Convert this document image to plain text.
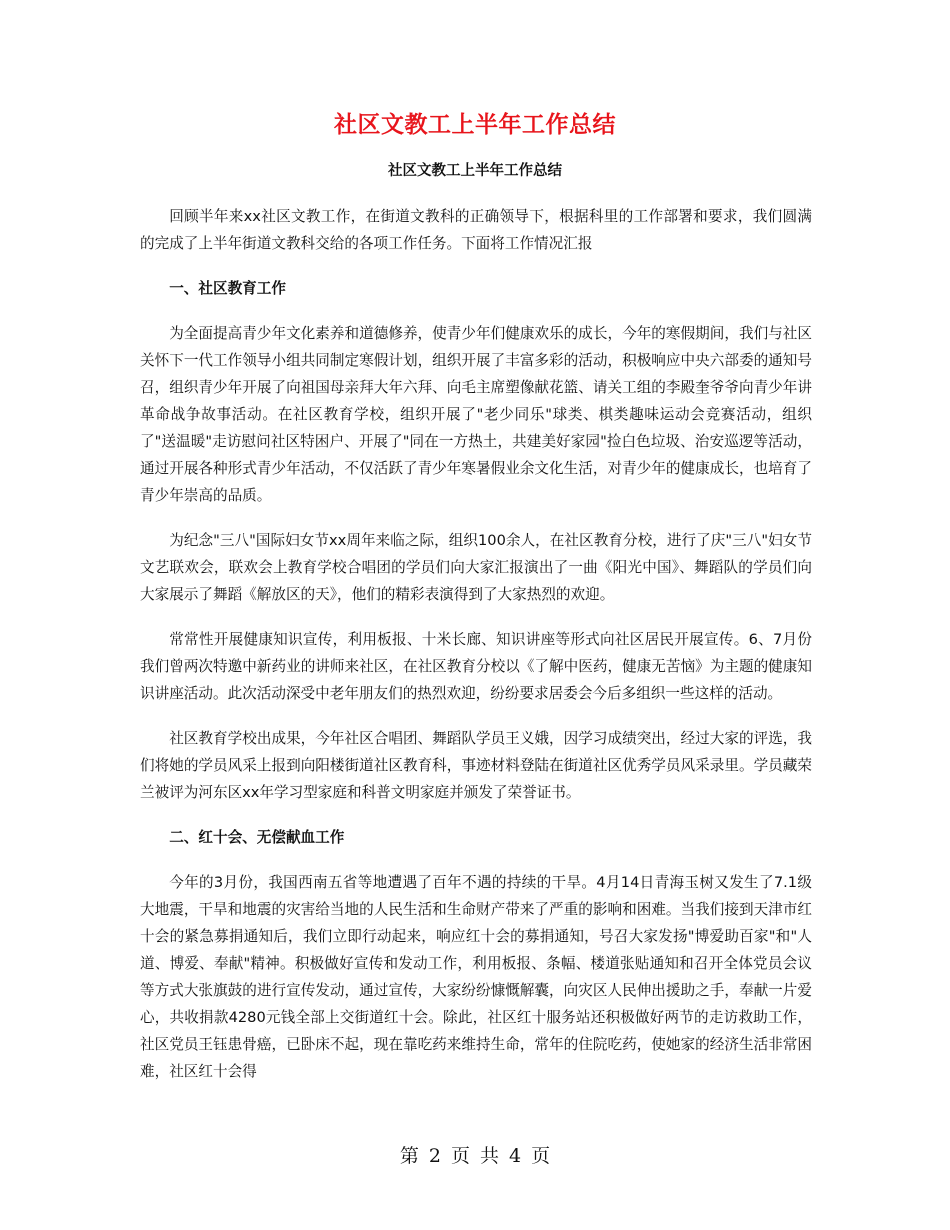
社区文教工上半年工作总结
社区文教工上半年工作总结

回顾半年来xx社区文教工作，在街道文教科的正确领导下，根据科里的工作部署和要求，我们圆满的完成了上半年街道文教科交给的各项工作任务。下面将工作情况汇报

一、社区教育工作

为全面提高青少年文化素养和道德修养，使青少年们健康欢乐的成长，今年的寒假期间，我们与社区关怀下一代工作领导小组共同制定寒假计划，组织开展了丰富多彩的活动，积极响应中央六部委的通知号召，组织青少年开展了向祖国母亲拜大年六拜、向毛主席塑像献花篮、请关工组的李殿奎爷爷向青少年讲革命战争故事活动。在社区教育学校，组织开展了"老少同乐"球类、棋类趣味运动会竞赛活动，组织了"送温暖"走访慰问社区特困户、开展了"同在一方热土，共建美好家园"捡白色垃圾、治安巡逻等活动，通过开展各种形式青少年活动，不仅活跃了青少年寒暑假业余文化生活，对青少年的健康成长，也培育了青少年崇高的品质。

为纪念"三八"国际妇女节xx周年来临之际，组织100余人，在社区教育分校，进行了庆"三八"妇女节文艺联欢会，联欢会上教育学校合唱团的学员们向大家汇报演出了一曲《阳光中国》、舞蹈队的学员们向大家展示了舞蹈《解放区的天》，他们的精彩表演得到了大家热烈的欢迎。

常常性开展健康知识宣传，利用板报、十米长廊、知识讲座等形式向社区居民开展宣传。6、7月份我们曾两次特邀中新药业的讲师来社区，在社区教育分校以《了解中医药，健康无苦恼》为主题的健康知识讲座活动。此次活动深受中老年朋友们的热烈欢迎，纷纷要求居委会今后多组织一些这样的活动。

社区教育学校出成果，今年社区合唱团、舞蹈队学员王义娥，因学习成绩突出，经过大家的评选，我们将她的学员风采上报到向阳楼街道社区教育科，事迹材料登陆在街道社区优秀学员风采录里。学员藏荣兰被评为河东区xx年学习型家庭和科普文明家庭并颁发了荣誉证书。

二、红十会、无偿献血工作

今年的3月份，我国西南五省等地遭遇了百年不遇的持续的干旱。4月14日青海玉树又发生了7.1级大地震，干旱和地震的灾害给当地的人民生活和生命财产带来了严重的影响和困难。当我们接到天津市红十会的紧急募捐通知后，我们立即行动起来，响应红十会的募捐通知，号召大家发扬"博爱助百家"和"人道、博爱、奉献"精神。积极做好宣传和发动工作，利用板报、条幅、楼道张贴通知和召开全体党员会议等方式大张旗鼓的进行宣传发动，通过宣传，大家纷纷慷慨解囊，向灾区人民伸出援助之手，奉献一片爱心，共收捐款4280元钱全部上交街道红十会。除此，社区红十服务站还积极做好两节的走访救助工作，社区党员王钰患骨癌，已卧床不起，现在靠吃药来维持生命，常年的住院吃药，使她家的经济生活非常困难，社区红十会得

第 2 页 共 4 页
